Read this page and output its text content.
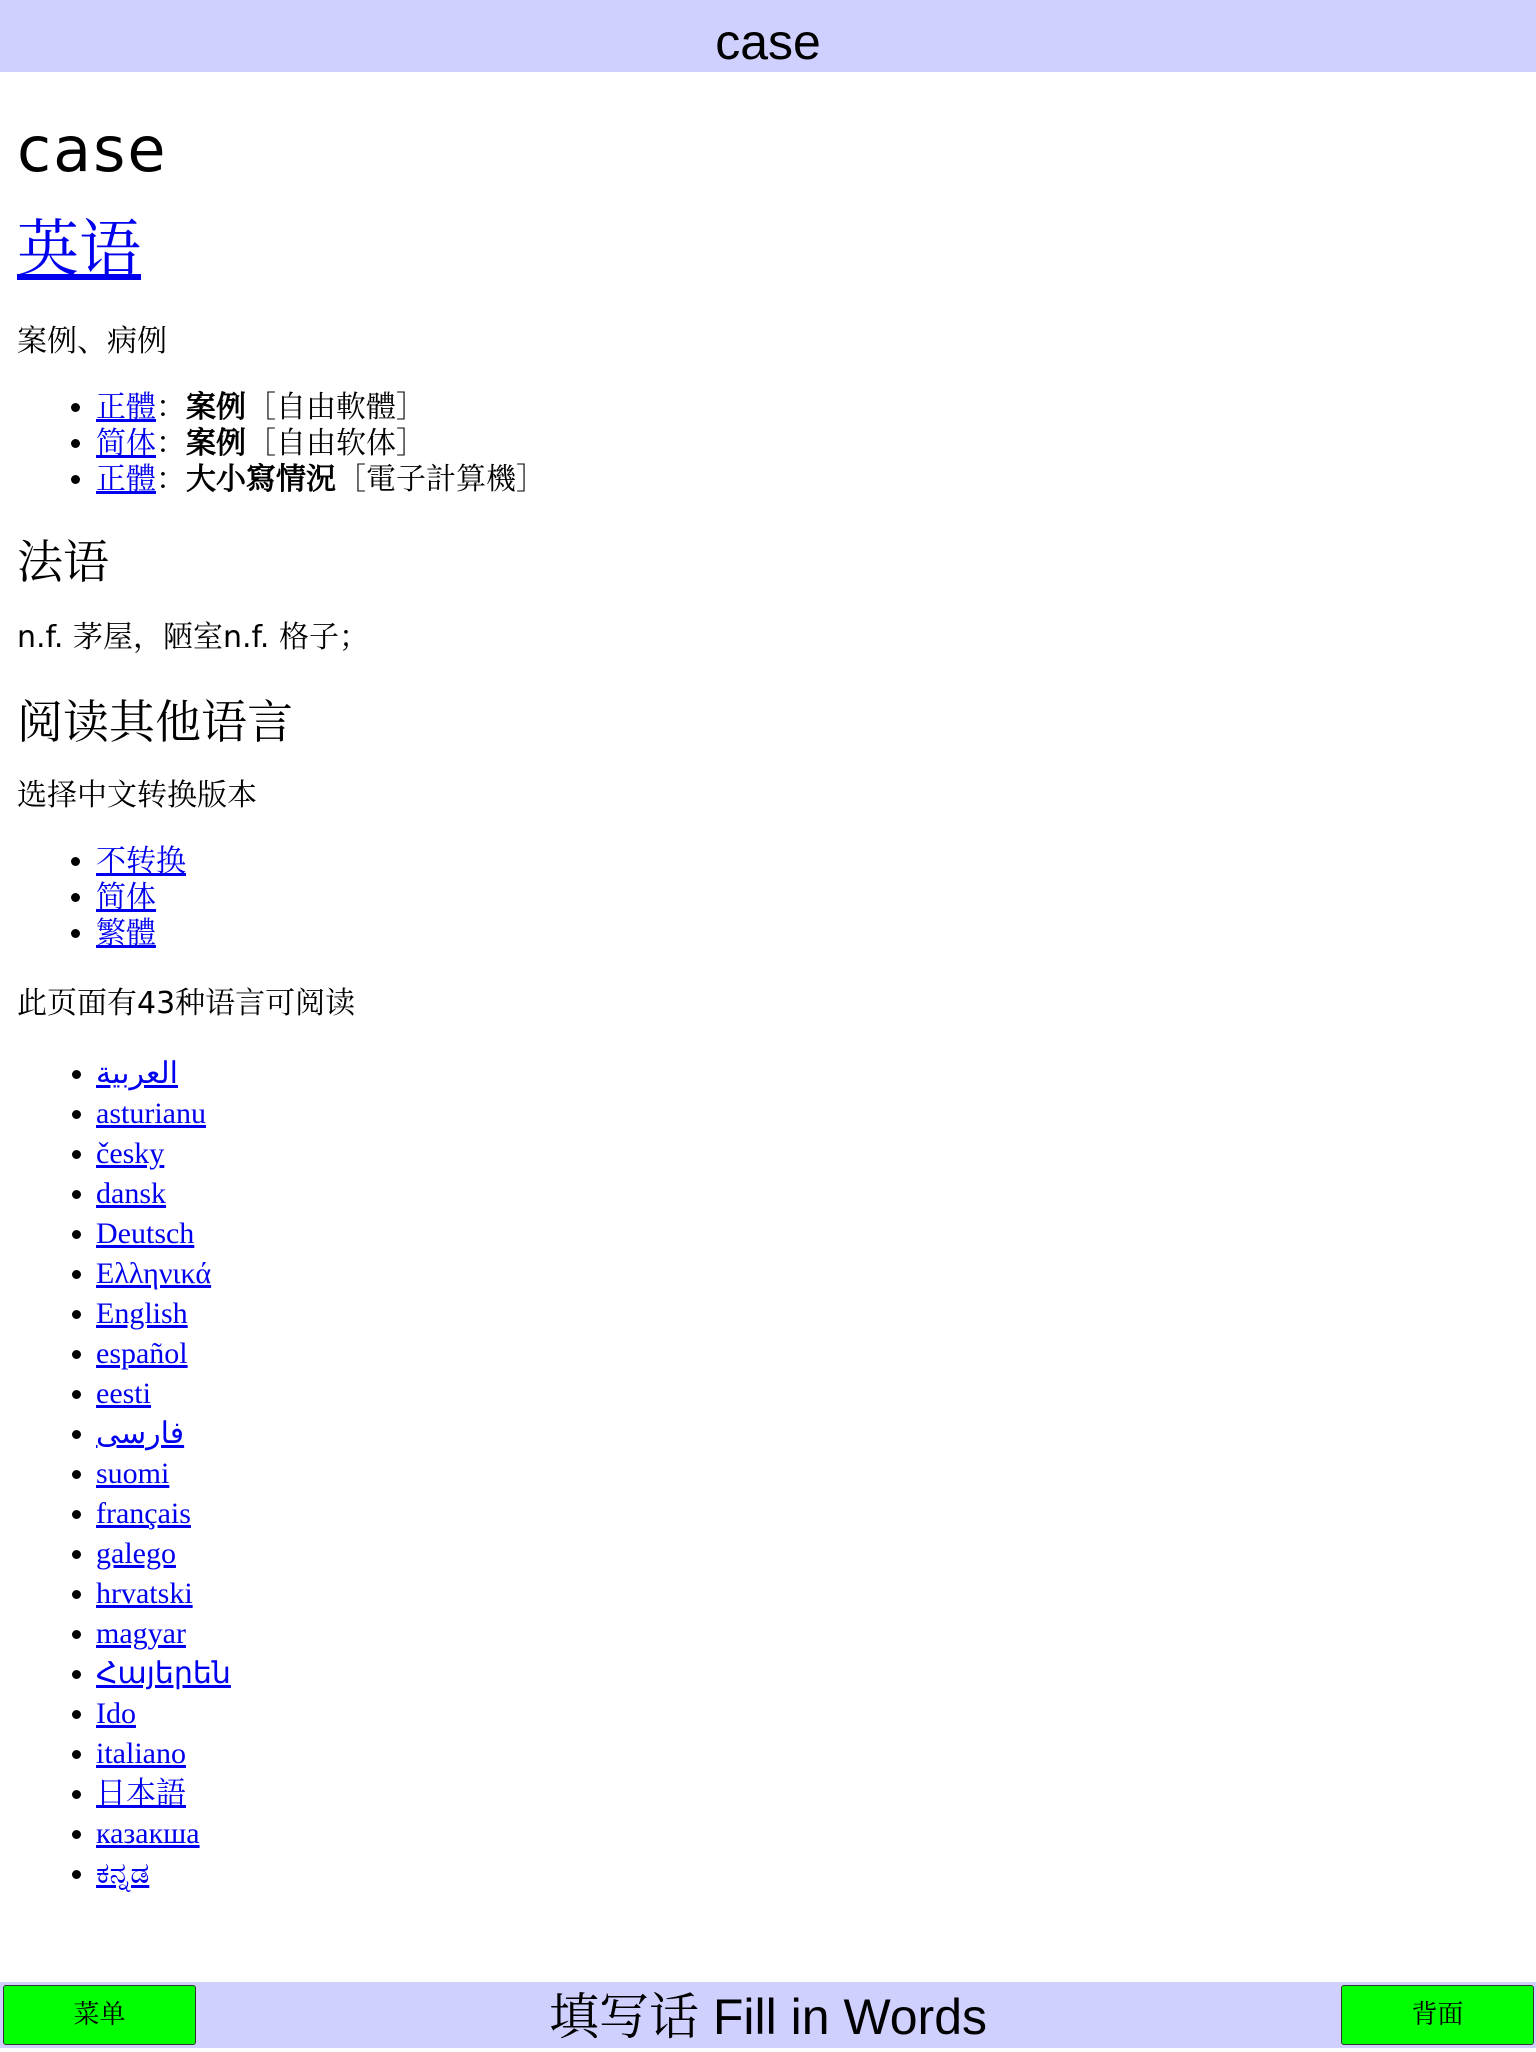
case
case
英语

案例、病例

• 正體：案例［自由軟體］
• 简体：案例［自由软体］
• 正體：大小寫情況［電子計算機］
法语

n.f. 茅屋，陋室n.f. 格子；

阅读其他语言

选择中文转换版本

• 不转换
• 简体
• 繁體

此页面有43种语言可阅读

• العربية
• asturianu
• česky
• dansk
• Deutsch
• Ελληνικά
• English
• español
• eesti
• فارسی
• suomi
• français
• galego
• hrvatski
• magyar
• Հայերեն
• Ido
• italiano
• 日本語
• казакша
• ಕನ್ನಡ
填写话 Fill in Words
菜单	背面
